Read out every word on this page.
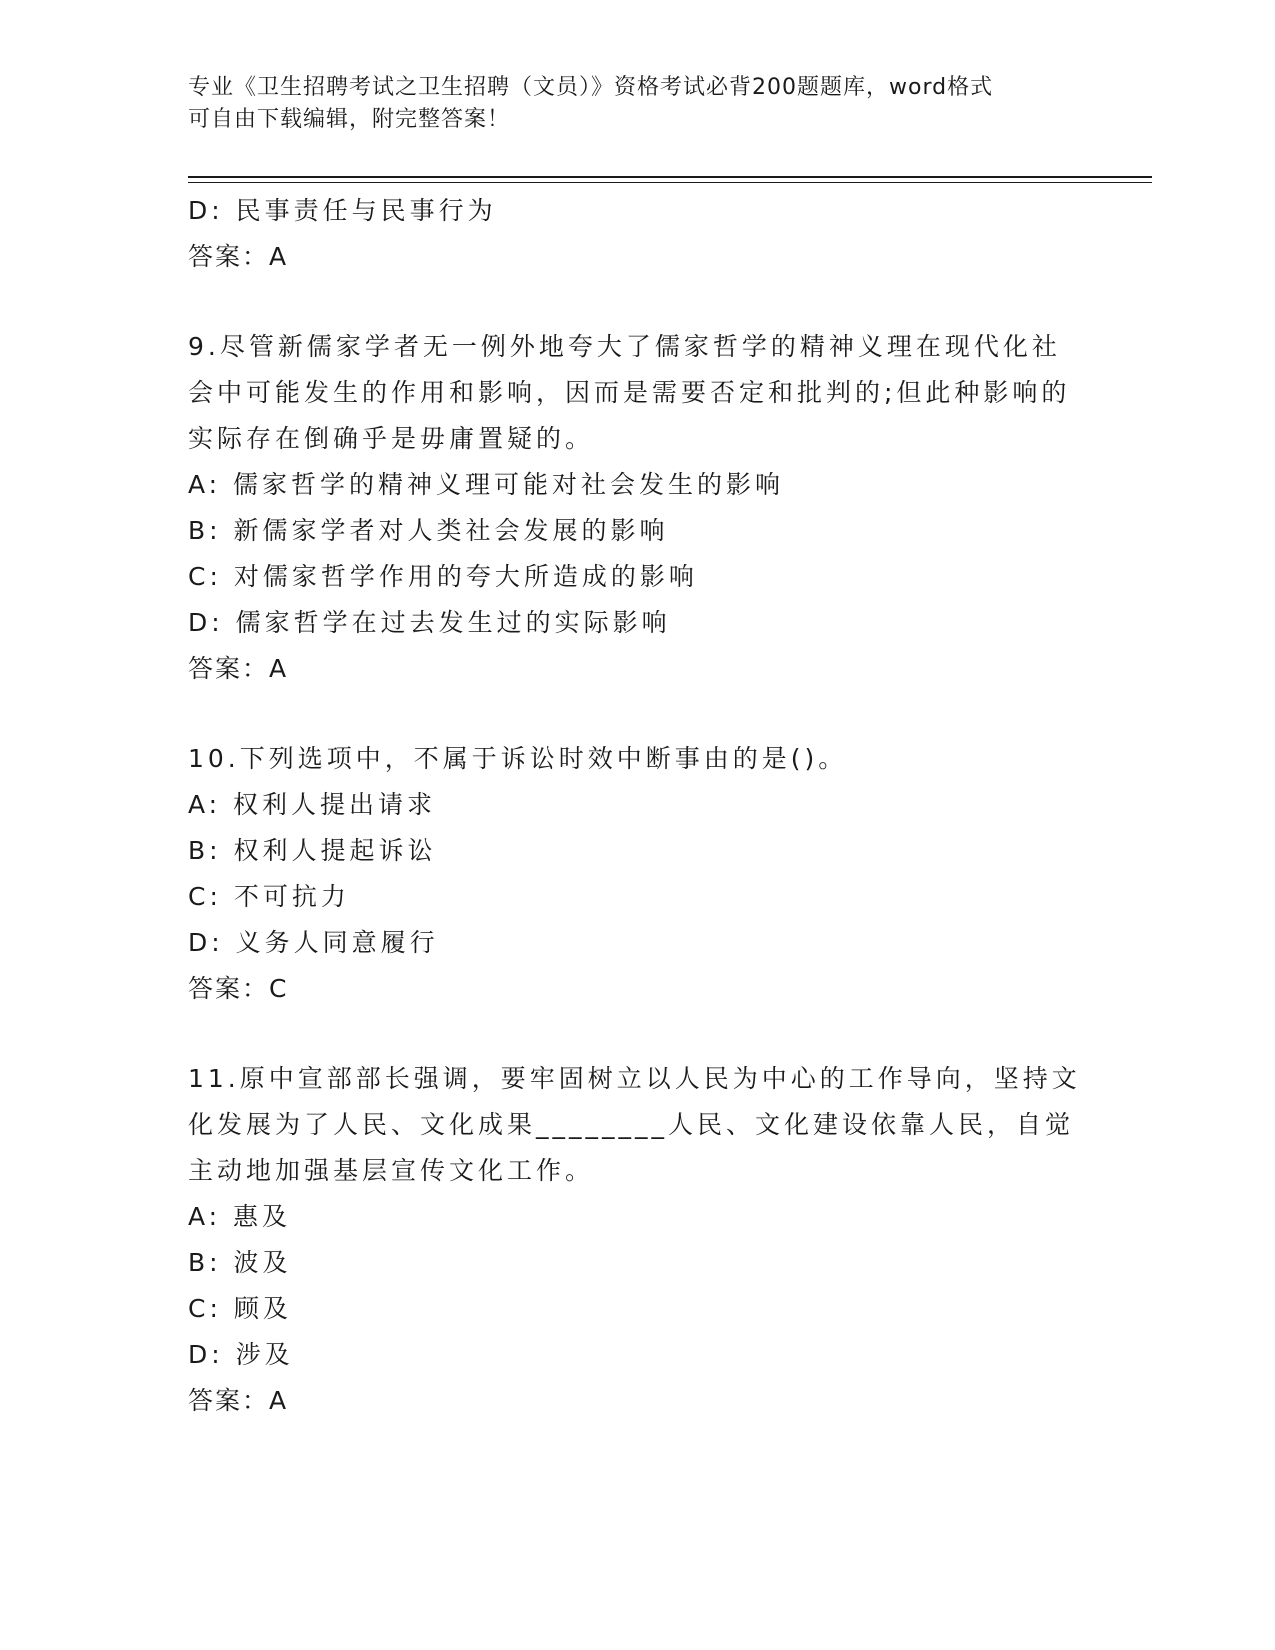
专业《卫生招聘考试之卫生招聘（文员）》资格考试必背200题题库，word格式
可自由下载编辑，附完整答案！
D: 民事责任与民事行为
答案：A
9.尽管新儒家学者无一例外地夸大了儒家哲学的精神义理在现代化社
会中可能发生的作用和影响，因而是需要否定和批判的;但此种影响的
实际存在倒确乎是毋庸置疑的。
A: 儒家哲学的精神义理可能对社会发生的影响
B: 新儒家学者对人类社会发展的影响
C: 对儒家哲学作用的夸大所造成的影响
D: 儒家哲学在过去发生过的实际影响
答案：A
10.下列选项中，不属于诉讼时效中断事由的是()。
A: 权利人提出请求
B: 权利人提起诉讼
C: 不可抗力
D: 义务人同意履行
答案：C
11.原中宣部部长强调，要牢固树立以人民为中心的工作导向，坚持文
化发展为了人民、文化成果________人民、文化建设依靠人民，自觉
主动地加强基层宣传文化工作。
A: 惠及
B: 波及
C: 顾及
D: 涉及
答案：A
